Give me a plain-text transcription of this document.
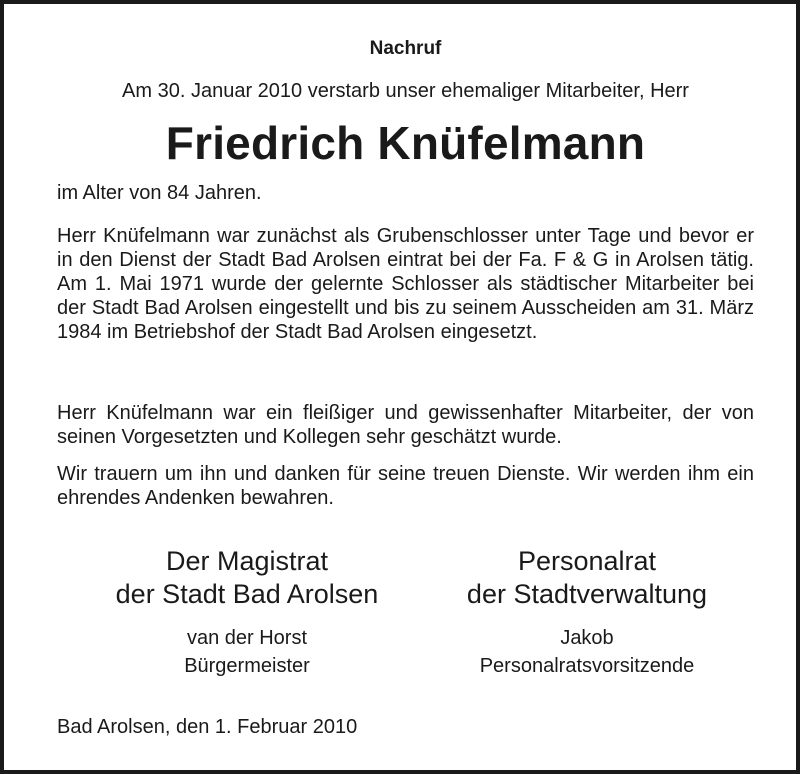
Nachruf
Am 30. Januar 2010 verstarb unser ehemaliger Mitarbeiter, Herr
Friedrich Knüfelmann
im Alter von 84 Jahren.
Herr Knüfelmann war zunächst als Grubenschlosser unter Tage und bevor er in den Dienst der Stadt Bad Arolsen eintrat bei der Fa. F & G in Arolsen tätig. Am 1. Mai 1971 wurde der gelernte Schlosser als städtischer Mitarbeiter bei der Stadt Bad Arolsen eingestellt und bis zu seinem Ausscheiden am 31. März 1984 im Betriebshof der Stadt Bad Arolsen eingesetzt.
Herr Knüfelmann war ein fleißiger und gewissenhafter Mitarbeiter, der von seinen Vorgesetzten und Kollegen sehr geschätzt wurde.
Wir trauern um ihn und danken für seine treuen Dienste. Wir werden ihm ein ehrendes Andenken bewahren.
Der Magistrat
der Stadt Bad Arolsen
van der Horst
Bürgermeister
Personalrat
der Stadtverwaltung
Jakob
Personalratsvorsitzende
Bad Arolsen, den 1. Februar 2010
